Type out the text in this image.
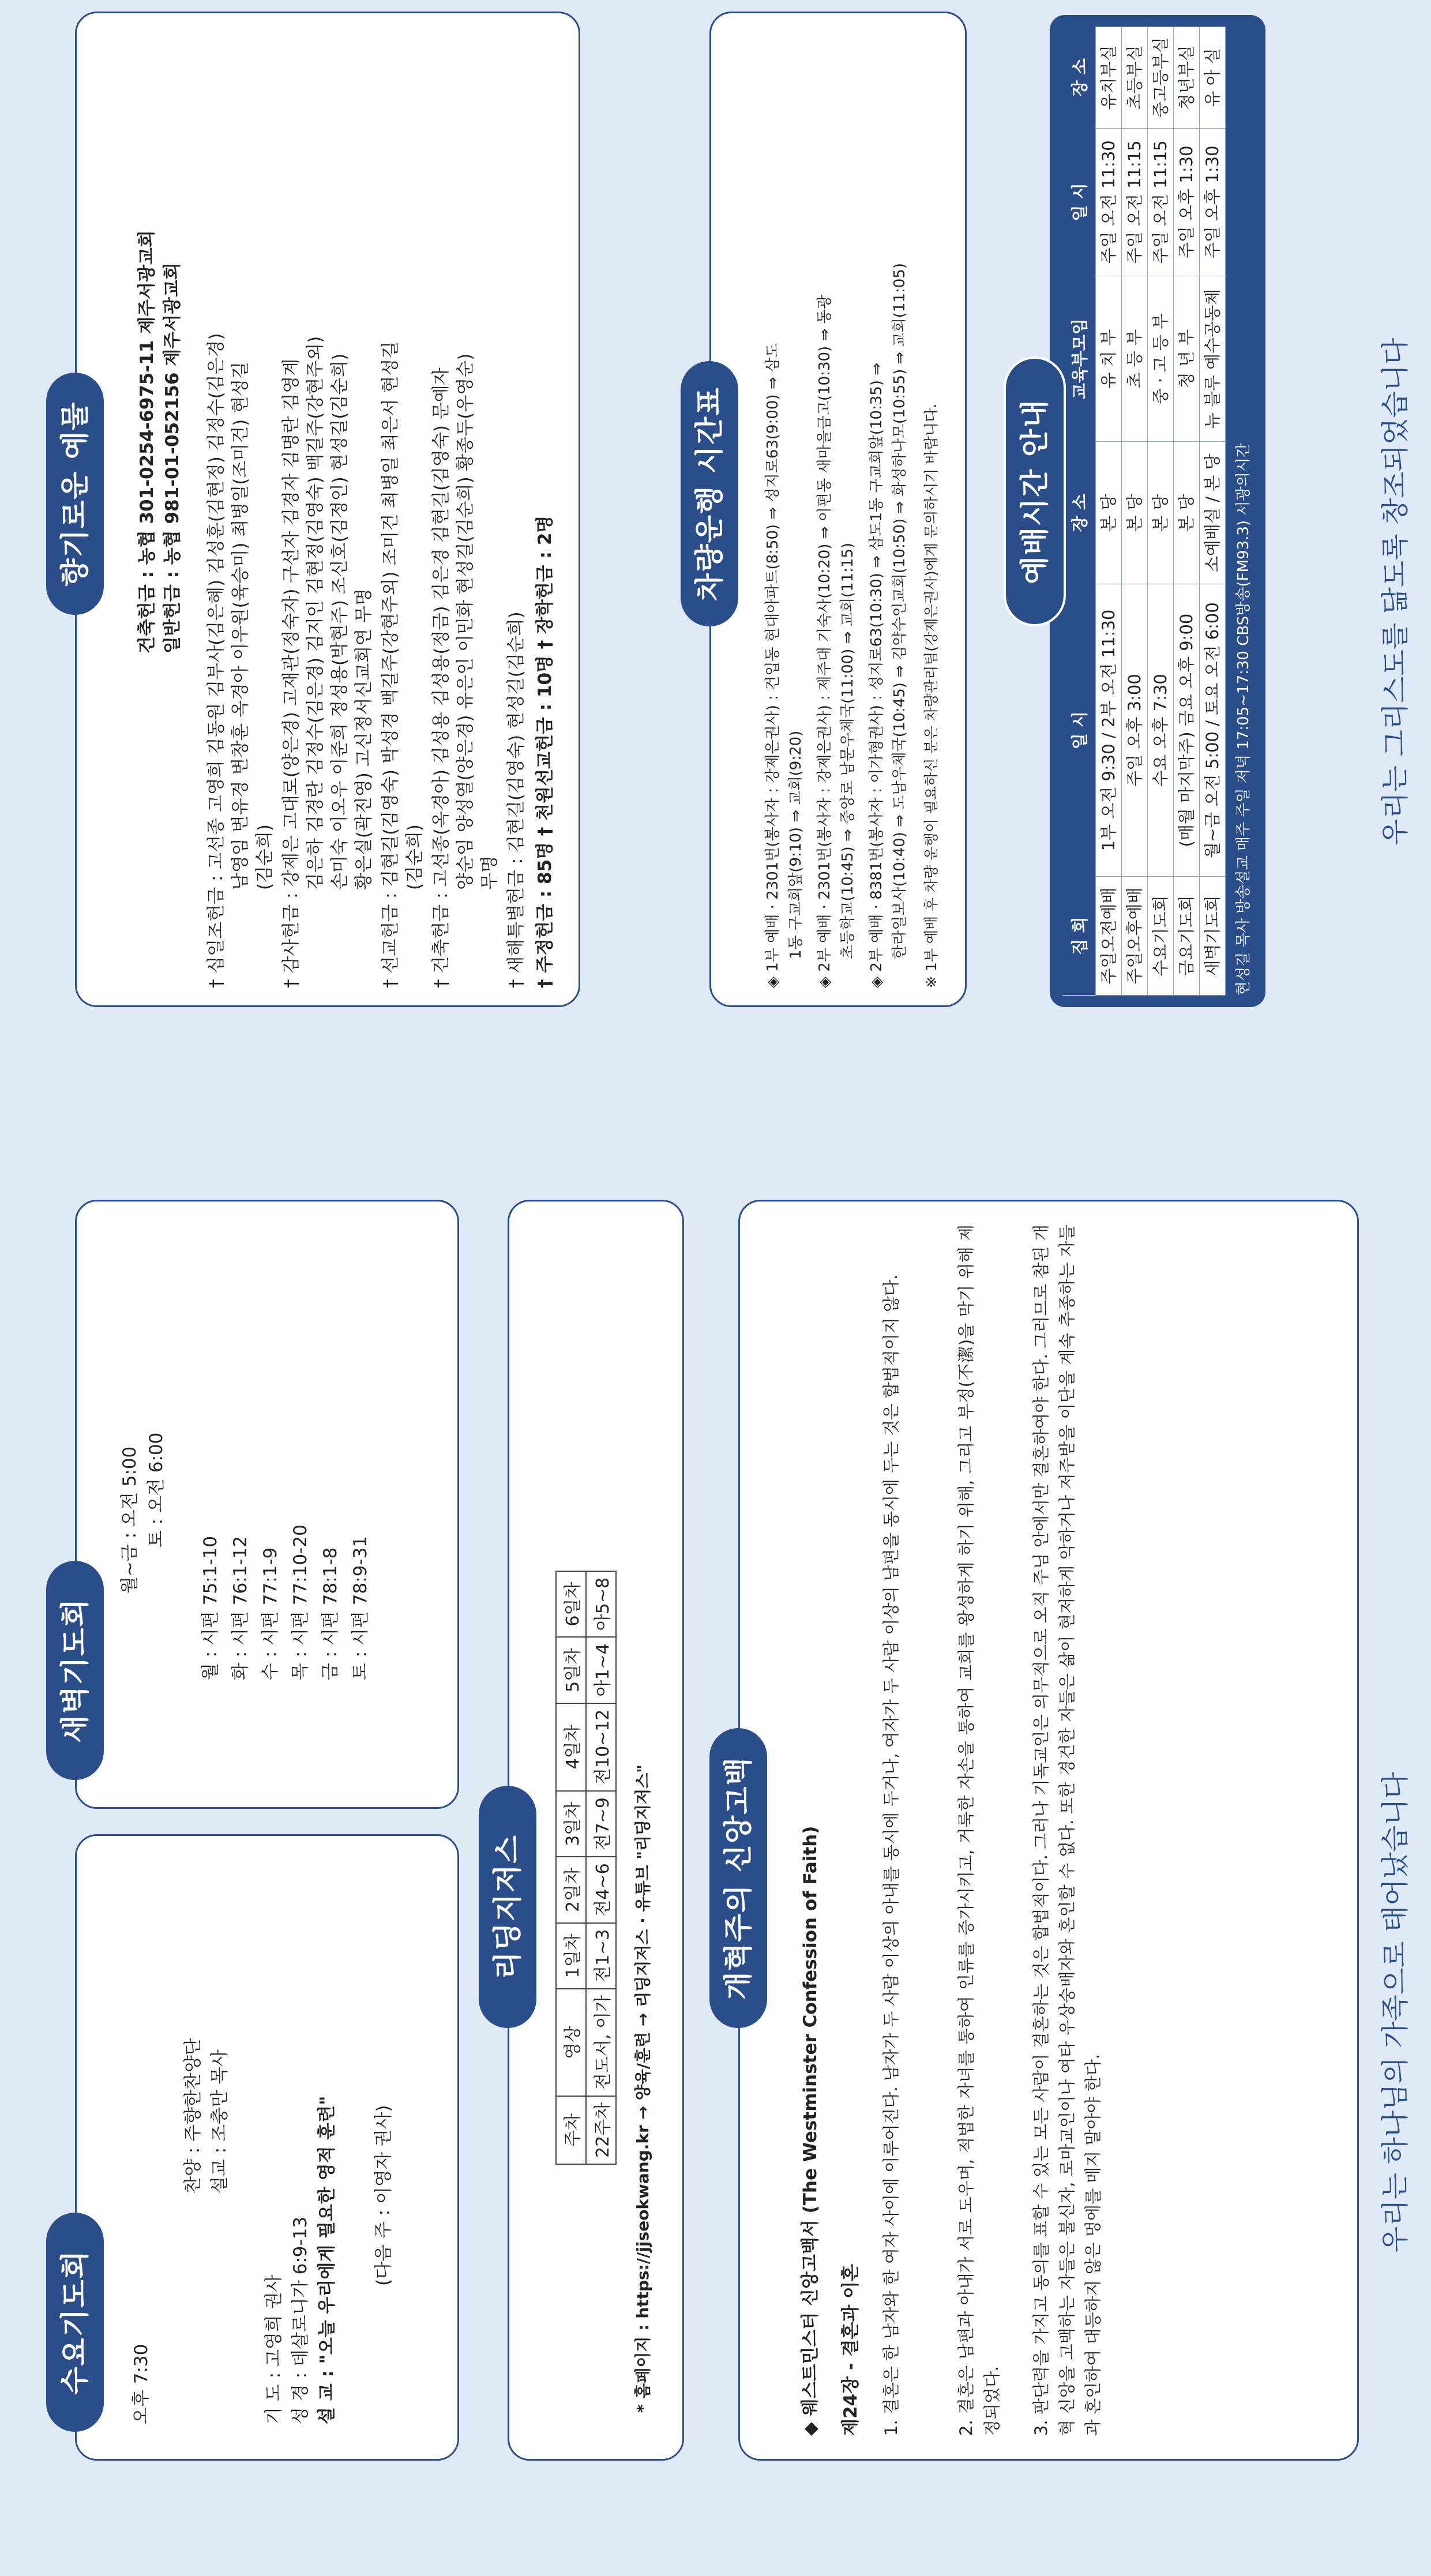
오후 7:30
찬양 : 주향한찬양단 설교 : 조충만 목사
기 도 : 고영희 권사 성 경 : 데살로니가 6:9-13 설 교 : "오늘 우리에게 필요한 영적 훈련" (다음 주 : 이영자 권사)
수요기도회
월~금 : 오전 5:00 토 : 오전 6:00
월 : 시편 75:1-10 화 : 시편 76:1-12 수 : 시편 77:1-9 목 : 시편 77:10-20 금 : 시편 78:1-8 토 : 시편 78:9-31
새벽기도회
주차	영상	1일차	2일차	3일차	4일차	5일차	6일차
22주차	전도서, 이가	전1~3	전4~6	전7~9	전10~12	아1~4	아5~8
* 홈페이지 : https://jjseokwang.kr → 양육/훈련 → 리딩지저스 · 유튜브 "리딩지저스"
리딩지저스	◆ 웨스트민스터 신앙고백서 (The Westminster Confession of Faith) 제24장 - 결혼과 이혼 1. 결혼은 한 남자와 한 여자 사이에 이루어진다. 남자가 두 사람 이상의 아내를 동시에 두거나, 여자가 두 사람 이상의 남편을 동시에 두는 것은 합법적이지 않다.	2. 결혼은 남편과 아내가 서로 도우며, 적법한 자녀를 통하여 인류를 증가시키고, 거룩한 자손을 통하여 교회를 왕성하게 하기 위해, 그리고 부정(不潔)을 막기 위해 제정되었다. 3. 판단력을 가지고 동의를 표할 수 있는 모든 사람이 결혼하는 것은 합법적이다. 그러나 기독교인은 의무적으로 오직 주님 안에서만 결혼하여야 한다. 그러므로 참된 개혁 신앙을 고백하는 자들은 불신자, 로마교인이나 여타 우상숭배자와 혼인할 수 없다. 또한 경건한 자들은 삶이 현저하게 악하거나 저주받을 이단을 계속 추종하는 자들과 혼인하여 대등하지 않은 멍에를 메지 말아야 한다.
개혁주의 신앙고백	우리는 하나님의 가족으로 태어났습니다
건축헌금 : 농협 301-0254-6975-11 제주서광교회 일반헌금 : 농협 981-01-052156 제주서광교회 † 십일조헌금 : 고선종 고영희 김동원 김부사(김은혜) 김성훈(김현정) 김정수(김은경) 남영임 변유경 변창훈 옥경아 이우원(육승미) 최병일(조미건) 현성길 (김순희) † 감사헌금 : 강제은 고대로(양은경) 고재관(정숙자) 구선자 김경자 김명란 김영계 김은하 김경란 김정수(김은경) 김지인 김현정(김영숙) 백길주(강현주외) 손미숙 이오우 이준희 정성용(박현주) 조신호(김정인) 현성길(김순희) 황은실(곽진영) 고신정서신교회연 무명 † 선교헌금 : 김현길(김영숙) 박성경 백길주(강현주외) 조미건 최병일 최은서 현성길 (김순희) † 건축헌금 : 고선종(옥경아) 김성용 김성용(정금) 김은경 김현길(김영숙) 문예자 양순임 양성열(양은경) 유은인 이민화 현성길(김순희) 황종두(우영순) 무명 † 새해특별헌금 : 김현길(김영숙) 현성길(김순희) † 주정헌금 : 85명 † 천원선교헌금 : 10명 † 장학헌금 : 2명
향기로운 예물	◈ 1부 예배 · 2301번(봉사자 : 강제은권사) : 건입동 현대아파트(8:50) ⇒ 성지로63(9:00) ⇒ 삼도 1동 구교회앞(9:10) ⇒ 교회(9:20) ◈ 2부 예배 · 2301번(봉사자 : 강제은권사) : 제주대 기숙사(10:20) ⇒ 이편동 새마을금고(10:30) ⇒ 동광 초등학교(10:45) ⇒ 중앙로 남문우체국(11:00) ⇒ 교회(11:15) ◈ 2부 예배 · 8381번(봉사자 : 이가형권사) : 성지로63(10:30) ⇒ 삼도1동 구교회앞(10:35) ⇒ 한라일보사(10:40) ⇒ 도남우체국(10:45) ⇒ 김약수인교회(10:50) ⇒ 화성하나모(10:55) ⇒ 교회(11:05) ※ 1부 예배 후 차량 운행이 필요하신 분은 차량관리팀(강제은권사)에게 문의하시기 바랍니다.
차량운행 시간표
집 회	일 시	장 소	교육부모임	일 시	장 소
주일오전예배	1부 오전 9:30 / 2부 오전 11:30	본 당	유 치 부	주일 오전 11:30	유치부실
주일오후예배	주일 오후 3:00	본 당	초 등 부	주일 오전 11:15	초등부실
수요기도회	수요 오후 7:30	본 당	중 · 고 등 부	주일 오전 11:15	중고등부실
금요기도회	(매월 마지막주) 금요 오후 9:00	본 당	청 년 부	주일 오후 1:30	청년부실
새벽기도회	월~금 오전 5:00 / 토요 오전 6:00	소예배실 / 본 당	뉴 블루 예수공동체	주일 오후 1:30	유 아 실
현성길 목사 방송설교 매주 주일 저녁 17:05~17:30 CBS방송(FM93.3) 서광의시간
예배시간 안내	우리는 그리스도를 닮도록 창조되었습니다
